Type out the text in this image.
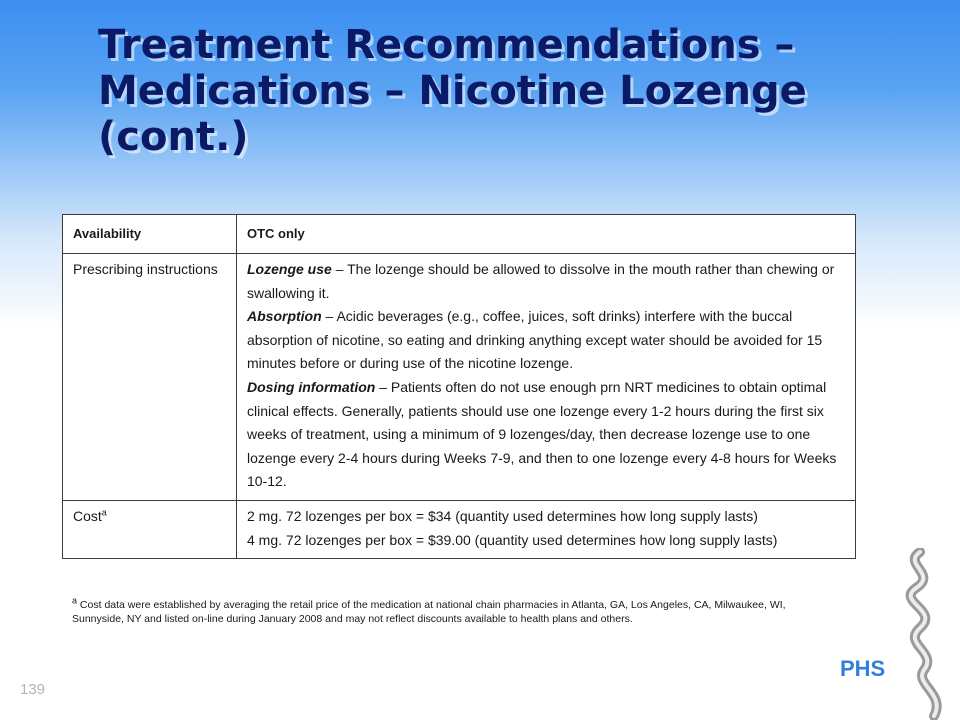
Treatment Recommendations –
Medications – Nicotine Lozenge
(cont.)
Availability	OTC only
Prescribing instructions	Lozenge use – The lozenge should be allowed to dissolve in the mouth rather than chewing or swallowing it.
Absorption – Acidic beverages (e.g., coffee, juices, soft drinks) interfere with the buccal absorption of nicotine, so eating and drinking anything except water should be avoided for 15 minutes before or during use of the nicotine lozenge.
Dosing information – Patients often do not use enough prn NRT medicines to obtain optimal clinical effects. Generally, patients should use one lozenge every 1-2 hours during the first six weeks of treatment, using a minimum of 9 lozenges/day, then decrease lozenge use to one lozenge every 2-4 hours during Weeks 7-9, and then to one lozenge every 4-8 hours for Weeks 10-12.

Cost$^a$	2 mg. 72 lozenges per box = $34 (quantity used determines how long supply lasts)
4 mg. 72 lozenges per box = $39.00 (quantity used determines how long supply lasts)
$^a$ Cost data were established by averaging the retail price of the medication at national chain pharmacies in Atlanta, GA, Los Angeles, CA, Milwaukee, WI, Sunnyside, NY and listed on-line during January 2008 and may not reflect discounts available to health plans and others.
139
PHS
